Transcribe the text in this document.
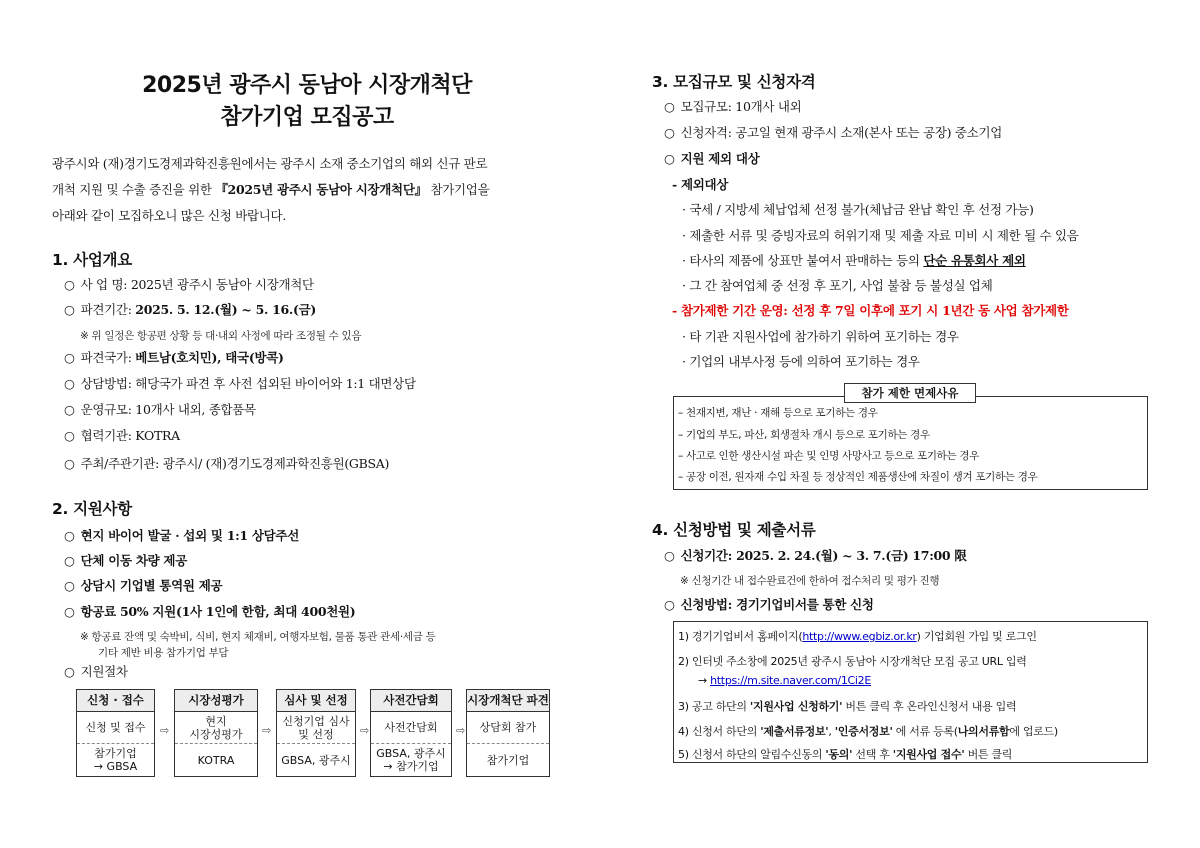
2025년 광주시 동남아 시장개척단
참가기업 모집공고
광주시와 (재)경기도경제과학진흥원에서는 광주시 소재 중소기업의 해외 신규 판로
개척 지원 및 수출 증진을 위한 『2025년 광주시 동남아 시장개척단』 참가기업을
아래와 같이 모집하오니 많은 신청 바랍니다.
1. 사업개요
○ 사 업 명: 2025년 광주시 동남아 시장개척단
○ 파견기간: 2025. 5. 12.(월) ~ 5. 16.(금)
※ 위 일정은 항공편 상황 등 대·내외 사정에 따라 조정될 수 있음
○ 파견국가: 베트남(호치민), 태국(방콕)
○ 상담방법: 해당국가 파견 후 사전 섭외된 바이어와 1:1 대면상담
○ 운영규모: 10개사 내외, 종합품목
○ 협력기관: KOTRA
○ 주최/주관기관: 광주시/ (재)경기도경제과학진흥원(GBSA)
2. 지원사항
○ 현지 바이어 발굴 · 섭외 및 1:1 상담주선
○ 단체 이동 차량 제공
○ 상담시 기업별 통역원 제공
○ 항공료 50% 지원(1사 1인에 한함, 최대 400천원)
※ 항공료 잔액 및 숙박비, 식비, 현지 체재비, 여행자보험, 물품 통관 관세·세금 등
기타 제반 비용 참가기업 부담
○ 지원절차
신청 · 접수
신청 및 접수
참가기업
→ GBSA
⇨
시장성평가
현지
시장성평가
KOTRA
⇨
심사 및 선정
신청기업 심사
및 선정
GBSA, 광주시
⇨
사전간담회
사전간담회
GBSA, 광주시
→ 참가기업
⇨
시장개척단 파견
상담회 참가
참가기업
3. 모집규모 및 신청자격
○ 모집규모: 10개사 내외
○ 신청자격: 공고일 현재 광주시 소재(본사 또는 공장) 중소기업
○ 지원 제외 대상
- 제외대상
· 국세 / 지방세 체납업체 선정 불가(체납금 완납 확인 후 선정 가능)
· 제출한 서류 및 증빙자료의 허위기재 및 제출 자료 미비 시 제한 될 수 있음
· 타사의 제품에 상표만 붙여서 판매하는 등의 단순 유통회사 제외
· 그 간 참여업체 중 선정 후 포기, 사업 불참 등 불성실 업체
- 참가제한 기간 운영: 선정 후 7일 이후에 포기 시 1년간 동 사업 참가제한
· 타 기관 지원사업에 참가하기 위하여 포기하는 경우
· 기업의 내부사정 등에 의하여 포기하는 경우
참가 제한 면제사유
– 천재지변, 재난 · 재해 등으로 포기하는 경우
– 기업의 부도, 파산, 회생절차 개시 등으로 포기하는 경우
– 사고로 인한 생산시설 파손 및 인명 사망사고 등으로 포기하는 경우
– 공장 이전, 원자재 수입 차질 등 정상적인 제품생산에 차질이 생겨 포기하는 경우
4. 신청방법 및 제출서류
○ 신청기간: 2025. 2. 24.(월) ~ 3. 7.(금) 17:00 限
※ 신청기간 내 접수완료건에 한하여 접수처리 및 평가 진행
○ 신청방법: 경기기업비서를 통한 신청
1) 경기기업비서 홈페이지(http://www.egbiz.or.kr) 기업회원 가입 및 로그인
2) 인터넷 주소창에 2025년 광주시 동남아 시장개척단 모집 공고 URL 입력
→ https://m.site.naver.com/1Ci2E
3) 공고 하단의 '지원사업 신청하기' 버튼 클릭 후 온라인신청서 내용 입력
4) 신청서 하단의 '제출서류정보', '인증서정보' 에 서류 등록(나의서류함에 업로드)
5) 신청서 하단의 알림수신동의 '동의' 선택 후 '지원사업 접수' 버튼 클릭
